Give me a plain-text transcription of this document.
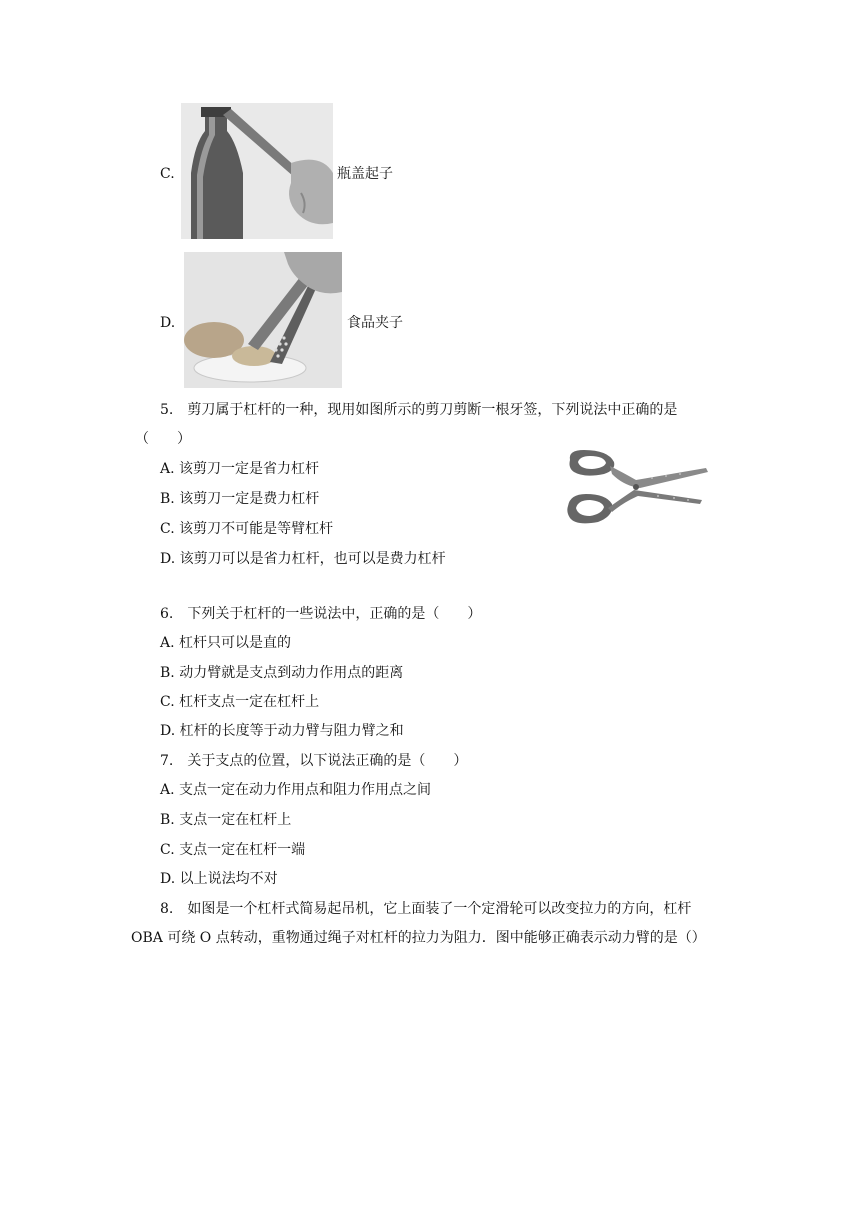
C.	瓶盖起子
D.	食品夹子
5.　剪刀属于杠杆的一种，现用如图所示的剪刀剪断一根牙签，下列说法中正确的是
（　　）
A. 该剪刀一定是省力杠杆
B. 该剪刀一定是费力杠杆
C. 该剪刀不可能是等臂杠杆
D. 该剪刀可以是省力杠杆，也可以是费力杠杆
6.　下列关于杠杆的一些说法中，正确的是（　　）
A. 杠杆只可以是直的
B. 动力臂就是支点到动力作用点的距离
C. 杠杆支点一定在杠杆上
D. 杠杆的长度等于动力臂与阻力臂之和
7.　关于支点的位置，以下说法正确的是（　　）
A. 支点一定在动力作用点和阻力作用点之间
B. 支点一定在杠杆上
C. 支点一定在杠杆一端
D. 以上说法均不对
8.　如图是一个杠杆式简易起吊机，它上面装了一个定滑轮可以改变拉力的方向，杠杆
OBA 可绕 O 点转动，重物通过绳子对杠杆的拉力为阻力．图中能够正确表示动力臂的是（）
